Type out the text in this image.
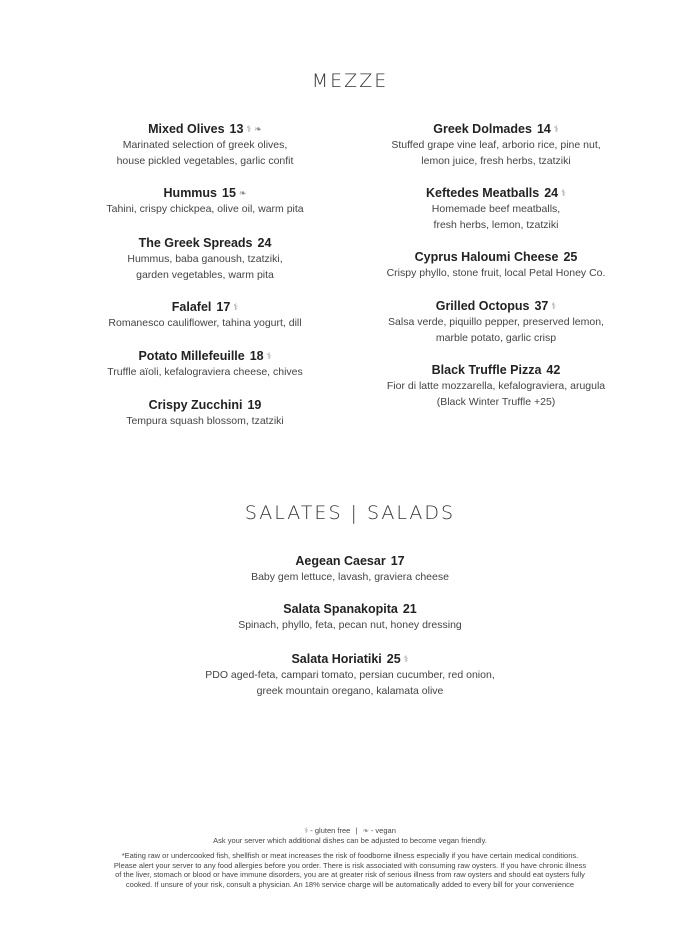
MEZZE
Mixed Olives 13 ⚕ ❧
Marinated selection of greek olives,
house pickled vegetables, garlic confit
Hummus 15 ❧
Tahini, crispy chickpea, olive oil, warm pita
The Greek Spreads 24
Hummus, baba ganoush, tzatziki,
garden vegetables, warm pita
Falafel 17 ⚕
Romanesco cauliflower, tahina yogurt, dill
Potato Millefeuille 18 ⚕
Truffle aïoli, kefalograviera cheese, chives
Crispy Zucchini 19
Tempura squash blossom, tzatziki
Greek Dolmades 14 ⚕
Stuffed grape vine leaf, arborio rice, pine nut,
lemon juice, fresh herbs, tzatziki
Keftedes Meatballs 24 ⚕
Homemade beef meatballs,
fresh herbs, lemon, tzatziki
Cyprus Haloumi Cheese 25
Crispy phyllo, stone fruit, local Petal Honey Co.
Grilled Octopus 37 ⚕
Salsa verde, piquillo pepper, preserved lemon,
marble potato, garlic crisp
Black Truffle Pizza 42
Fior di latte mozzarella, kefalograviera, arugula
(Black Winter Truffle +25)
SALATES | SALADS
Aegean Caesar 17
Baby gem lettuce, lavash, graviera cheese
Salata Spanakopita 21
Spinach, phyllo, feta, pecan nut, honey dressing
Salata Horiatiki 25 ⚕
PDO aged-feta, campari tomato, persian cucumber, red onion,
greek mountain oregano, kalamata olive
⚕ - gluten free | ❧ - vegan
Ask your server which additional dishes can be adjusted to become vegan friendly.
*Eating raw or undercooked fish, shellfish or meat increases the risk of foodborne illness especially if you have certain medical conditions.
Please alert your server to any food allergies before you order. There is risk associated with consuming raw oysters. If you have chronic illness
of the liver, stomach or blood or have immune disorders, you are at greater risk of serious illness from raw oysters and should eat oysters fully
cooked. If unsure of your risk, consult a physician. An 18% service charge will be automatically added to every bill for your convenience
